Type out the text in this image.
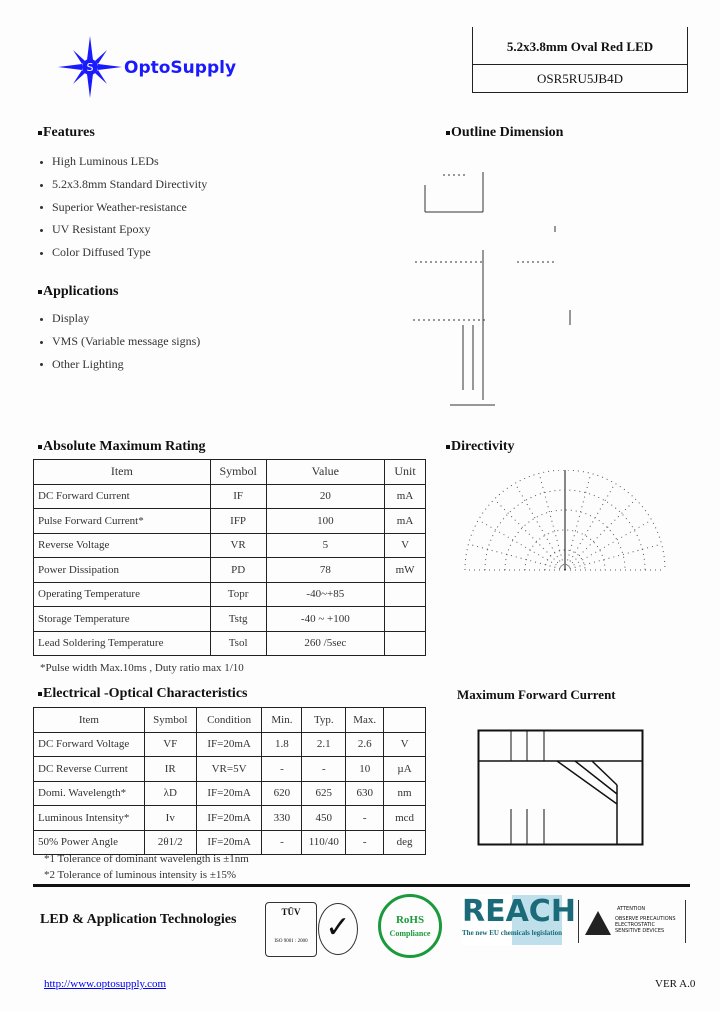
S OptoSupply
5.2x3.8mm Oval Red LED
OSR5RU5JB4D
Features
High Luminous LEDs
5.2x3.8mm Standard Directivity
Superior Weather-resistance
UV Resistant Epoxy
Color Diffused Type
Applications
Display
VMS (Variable message signs)
Other Lighting
Outline Dimension
Absolute Maximum Rating
Item	Symbol	Value	Unit
DC Forward Current	IF	20	mA
Pulse Forward Current*	IFP	100	mA
Reverse Voltage	VR	5	V
Power Dissipation	PD	78	mW
Operating Temperature	Topr	-40~+85	
Storage Temperature	Tstg	-40 ~ +100	
Lead Soldering Temperature	Tsol	260 /5sec	
*Pulse width Max.10ms , Duty ratio max 1/10
Electrical -Optical Characteristics
Item	Symbol	Condition	Min.	Typ.	Max.	
DC Forward Voltage	VF	IF=20mA	1.8	2.1	2.6	V
DC Reverse Current	IR	VR=5V	-	-	10	µA
Domi. Wavelength*	λD	IF=20mA	620	625	630	nm
Luminous Intensity*	Iv	IF=20mA	330	450	-	mcd
50% Power Angle	2θ1/2	IF=20mA	-	110/40	-	deg
*1 Tolerance of dominant wavelength is ±1nm
*2 Tolerance of luminous intensity is ±15%
Directivity
Maximum Forward Current
LED & Application Technologies	TÜV
ISO 9001 : 2000 ✓	RoHS
Compliance
REACH
The new EU chemicals legislation
ATTENTION
OBSERVE PRECAUTIONS ELECTROSTATIC SENSITIVE DEVICES
http://www.optosupply.com	VER A.0
